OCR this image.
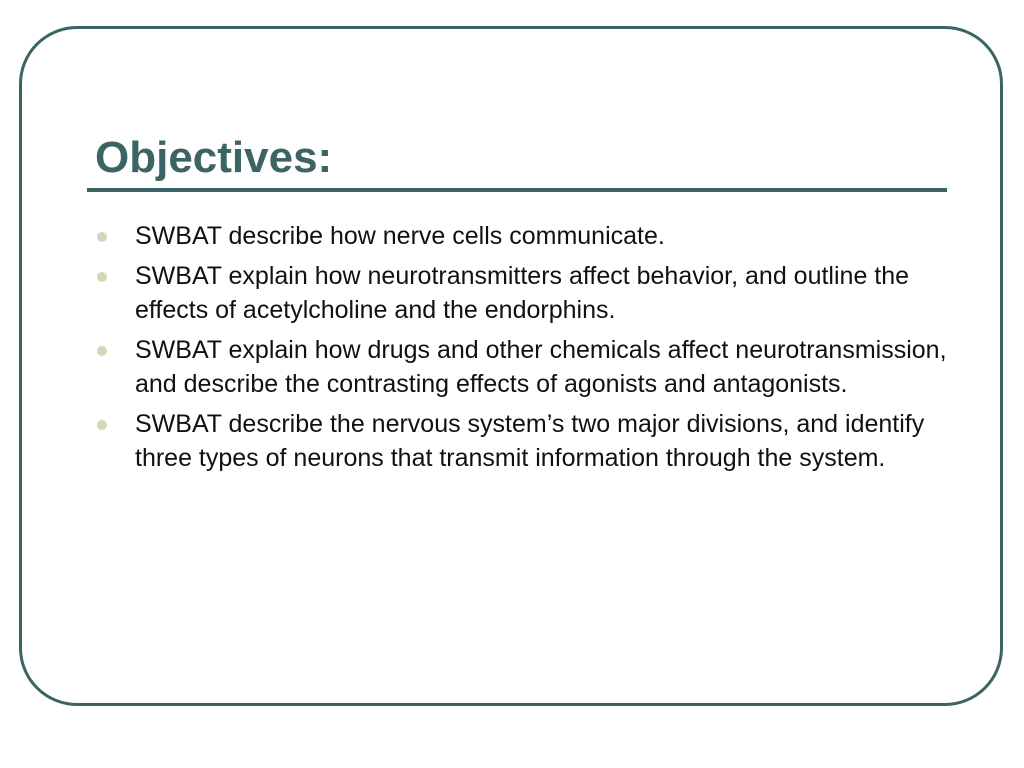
Objectives:
SWBAT describe how nerve cells communicate.
SWBAT explain how neurotransmitters affect behavior, and outline the effects of acetylcholine and the endorphins.
SWBAT explain how drugs and other chemicals affect neurotransmission, and describe the contrasting effects of agonists and antagonists.
SWBAT describe the nervous system’s two major divisions, and identify three types of neurons that transmit information through the system.
